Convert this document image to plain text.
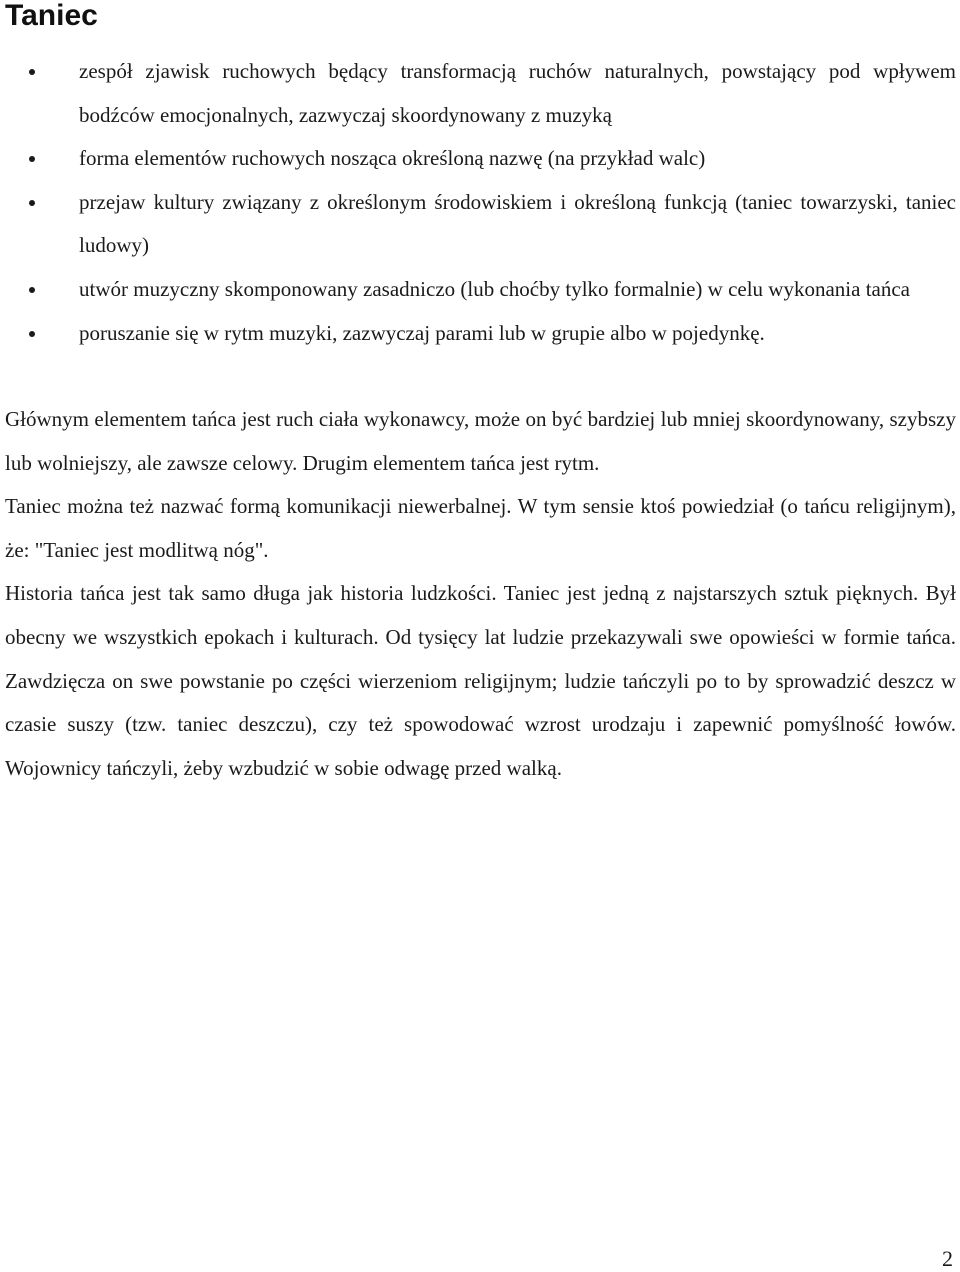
Taniec
zespół zjawisk ruchowych będący transformacją ruchów naturalnych, powstający pod wpływem bodźców emocjonalnych, zazwyczaj skoordynowany z muzyką
forma elementów ruchowych nosząca określoną nazwę (na przykład walc)
przejaw kultury związany z określonym środowiskiem i określoną funkcją (taniec towarzyski, taniec ludowy)
utwór muzyczny skomponowany zasadniczo (lub choćby tylko formalnie) w celu wykonania tańca
poruszanie się w rytm muzyki, zazwyczaj parami lub w grupie albo w pojedynkę.

Głównym elementem tańca jest ruch ciała wykonawcy, może on być bardziej lub mniej skoordynowany, szybszy lub wolniejszy, ale zawsze celowy. Drugim elementem tańca jest rytm.

Taniec można też nazwać formą komunikacji niewerbalnej. W tym sensie ktoś powiedział (o tańcu religijnym), że: "Taniec jest modlitwą nóg".

Historia tańca jest tak samo długa jak historia ludzkości. Taniec jest jedną z najstarszych sztuk pięknych. Był obecny we wszystkich epokach i kulturach. Od tysięcy lat ludzie przekazywali swe opowieści w formie tańca. Zawdzięcza on swe powstanie po części wierzeniom religijnym; ludzie tańczyli po to by sprowadzić deszcz w czasie suszy (tzw. taniec deszczu), czy też spowodować wzrost urodzaju i zapewnić pomyślność łowów. Wojownicy tańczyli, żeby wzbudzić w sobie odwagę przed walką.

2
